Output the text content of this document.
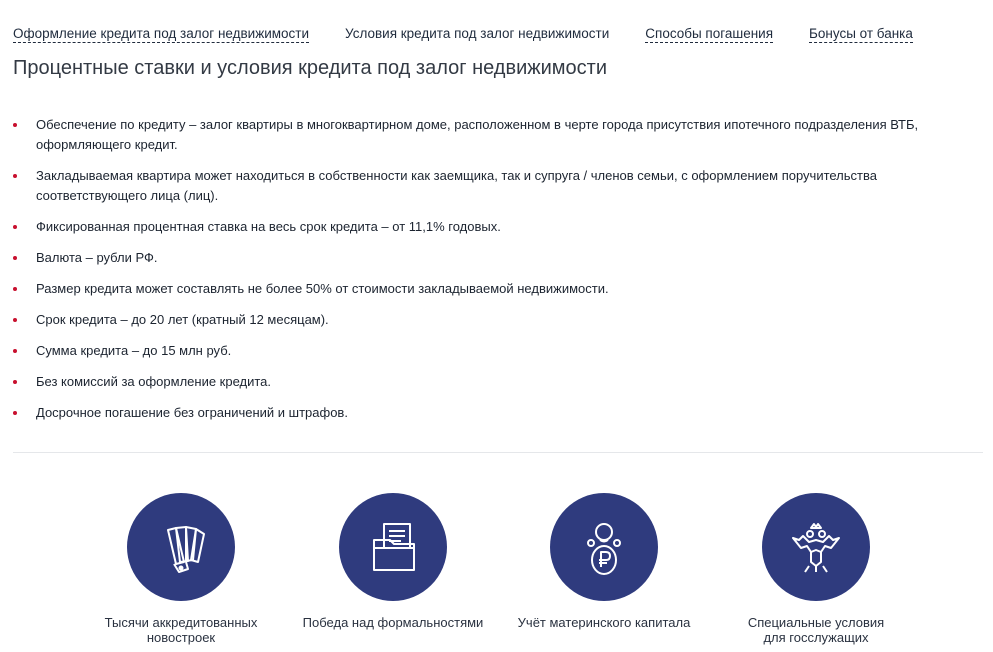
Оформление кредита под залог недвижимости	Условия кредита под залог недвижимости	Способы погашения	Бонусы от банка
Процентные ставки и условия кредита под залог недвижимости
Обеспечение по кредиту – залог квартиры в многоквартирном доме, расположенном в черте города присутствия ипотечного подразделения ВТБ, оформляющего кредит.
Закладываемая квартира может находиться в собственности как заемщика, так и супруга / членов семьи, с оформлением поручительства соответствующего лица (лиц).
Фиксированная процентная ставка на весь срок кредита – от 11,1% годовых.
Валюта – рубли РФ.
Размер кредита может составлять не более 50% от стоимости закладываемой недвижимости.
Срок кредита – до 20 лет (кратный 12 месяцам).
Сумма кредита – до 15 млн руб.
Без комиссий за оформление кредита.
Досрочное погашение без ограничений и штрафов.
Тысячи аккредитованных
новостроек
Победа над формальностями	Учёт материнского капитала	Специальные условия
для госслужащих
